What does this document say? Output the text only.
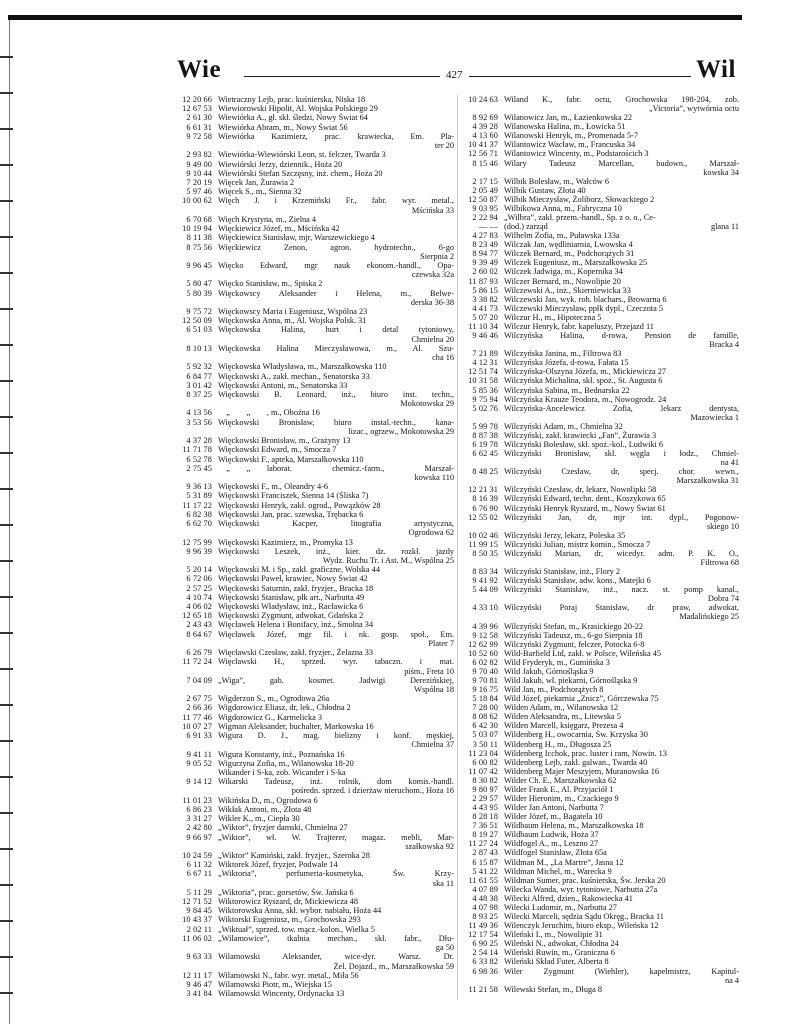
Wie	427	Wil
12 20 66 Wietraczny Lejb, prac. kuśnierska, Niska 18
12 67 53 Wiewiorowski Hipolit, Al. Wojska Polskiego 29
2 61 30 Wiewiórka A., gł. skł. śledzi, Nowy Świat 64
6 61 31 Wiewiórka Abram, m., Nowy Świat 56
9 72 58 Wiewiórka Kazimierz, prac. krawiecka, Em. Pla-
ter 20
2 93 82 Wiewiórka-Wiewiórski Leon, st. felczer, Twarda 3
9 49 00 Wiewiórski Jerzy, dziennik., Hoża 20
9 10 44 Wiewiórski Stefan Szczęsny, inż. chem., Hoża 20
7 20 19 Więcek Jan, Żurawia 2
5 97 46 Więcek S., m., Sienna 32
10 00 62 Więch J. i Krzemiński Fr., fabr. wyr. metal.,
Mścińska 33
6 70 68 Więch Krystyna, m., Zielna 4
10 19 94 Więckiewicz Józef, m., Mścińska 42
8 11 38 Więckiewicz Stanisław, mjr, Warszewickiego 4
8 75 56 Więckiewicz Zenon, agron. hydrotechn., 6-go
Sierpnia 2
9 96 45 Więcko Edward, mgr nauk ekonom.-handl., Opa-
czewska 32a
5 80 47 Więcko Stanisław, m., Spiska 2
5 80 39 Więckowscy Aleksander i Helena, m., Belwe-
derska 36-38
9 75 72 Więckowscy Maria i Eugeniusz, Wspólna 23
12 50 09 Więckowska Anna, m., Al. Wojska Polsk. 31
6 51 03 Więckowska Halina, hurt i detal tytoniowy,
Chmielna 20
8 10 13 Więckowska Halina Mieczysławowa, m., Al. Szu-
cha 16
5 92 32 Więckowska Władysława, m., Marszałkowska 110
6 84 77 Więckowski A., zakł. mechan., Senatorska 33
3 01 42 Więckowski Antoni, m., Senatorska 33
8 37 25 Więckowski B. Leonard, inż., biuro inst. techn.,
Mokotowska 29
4 13 56  „  „  , m., Oboźna 16
3 53 56 Więckowski Bronisław, biuro instal.-techn., kana-
lizac., ogrzew., Mokotowska 29
4 37 28 Więckowski Bronisław, m., Grażyny 13
11 71 78 Więckowski Edward, m., Smocza 7
6 52 78 Więckowski F., apteka, Marszałkowska 110
2 75 45  „  „  laborat. chemicz.-farm., Marszał-
kowska 110
9 36 13 Więckowski F., m., Oleandry 4-6
5 31 89 Więckowski Franciszek, Sienna 14 (Śliska 7)
11 17 22 Więckowski Henryk, zakł. ogrod., Powązków 28
6 82 38 Więckowski Jan, prac. szewska, Trębacka 6
6 62 70 Więckowski Kacper, litografia artystyczna,
Ogrodowa 62
12 75 99 Więckowski Kazimierz, m., Promyka 13
9 96 39 Więckowski Leszek, inż., kier. dz. rozkł. jazdy
Wydz. Ruchu Tr. i Ast. M., Wspólna 25
5 20 14 Więckowski M. i Sp., zakł. graficzne, Wolska 44
6 72 06 Więckowski Paweł, krawiec, Nowy Świat 42
2 57 25 Więckowski Saturnin, zakł. fryzjer., Bracka 18
4 10 74 Więckowski Stanisław, płk art., Narbutta 49
4 06 02 Więckowski Władysław, inż., Racławicka 6
12 65 18 Więckowski Zygmunt, adwokat, Gdańska 2
2 43 43 Więcławek Helena i Bonifacy, inż., Smolna 34
8 64 67 Więcławek Józef, mgr fil. i nk. gosp. społ., Em.
Plater 7
6 26 79 Więcławski Czesław, zakł. fryzjer., Żelazna 33
11 72 24 Więcławski H., sprzed. wyr. tabaczn. i mat.
piśm., Freta 10
7 04 09 „Wiga”, gab. kosmet. Jadwigi Derezińskiej,
Wspólna 18
2 67 75 Wigderzon S., m., Ogrodowa 26a
2 66 36 Wigdorowicz Eliasz, dr, lek., Chłodna 2
11 77 46 Wigdorowicz G., Karmelicka 3
10 07 27 Wigman Aleksander, buchalter, Markowska 16
6 91 33 Wigura D. J., mag. bielizny i konf. męskiej,
Chmielna 37
9 41 11 Wigura Konstanty, inż., Poznańska 16
9 05 52 Wigurzyna Zofia, m., Wilanowska 18-20
Wikander i S-ka, zob. Wicander i S-ka
9 14 12 Wikarski Tadeusz, inż. rolnik, dom komis.-handl.
pośredn. sprzed. i dzierżaw nieruchom., Hoża 16
11 01 23 Wikińska D., m., Ogrodowa 6
6 86 23 Wikłak Antoni, m., Złota 48
3 31 27 Wikler K., m., Ciepła 30
2 42 80 „Wiktor”, fryzjer damski, Chmielna 27
9 66 97 „Wiktor”, wł. W. Trajterer, magaz. mebli, Mar-
szałkowska 92
10 24 59 „Wiktor” Kamiński, zakł. fryzjer., Szeroka 28
6 11 32 Wiktorek Józef, fryzjer, Podwale 14
6 67 11 „Wiktoria”, perfumeria-kosmetyka, Św. Krzy-
ska 11
5 11 29 „Wiktoria”, prac. gorsetów, Św. Jańska 6
12 71 52 Wiktorowicz Ryszard, dr, Mickiewicza 48
9 84 45 Wiktorowska Anna, skł. wybor. nabiału, Hoża 44
10 43 37 Wiktorski Eugeniusz, m., Grochowska 293
2 02 11 „Wiktuał”, sprzed. tow. mącz.-kolon., Wielka 5
11 06 02 „Wilamowice”, tkalnia mechan., skł. fabr., Dłu-
ga 50
9 63 33 Wilamowski Aleksander, wice-dyr. Warsz. Dr.
Żel. Dojazd., m., Marszałkowska 59
12 11 17 Wilamowski N., fabr. wyr. metal., Miła 56
9 46 47 Wilamowski Piotr, m., Wiejska 15
3 41 84 Wilamowski Wincenty, Ordynacka 13
10 24 63 Wiland K., fabr. octu, Grochowska 198-204, zob.
„Victoria”, wytwórnia octu
8 92 69 Wilanowicz Jan, m., Łazienkowska 22
4 39 28 Wilanowska Halina, m., Łowicka 51
4 13 60 Wilanowski Henryk, m., Promenada 5-7
10 41 37 Wilantowicz Wacław, m., Francuska 34
12 56 71 Wilantowicz Wincenty, m., Podstarościch 3
8 15 46 Wilary Tadeusz Marcellan, budown., Marszał-
kowska 34
2 17 15 Wilbik Bolesław, m., Wałców 6
2 05 49 Wilbik Gustaw, Złota 40
12 50 87 Wilbik Mieczysław, Żoliborz, Słowackiego 2
9 03 95 Wilbikowa Anna, m., Fabryczna 10
2 22 94 „Wilbra”, zakł. przem.-handl., Sp. z o. o., Ce-
— — (dod.) zarząd	glana 11
4 27 83 Wilhelm Zofia, m., Puławska 133a
8 23 49 Wilczak Jan, wędliniarnia, Lwowska 4
8 94 77 Wilczek Bernard, m., Podchorążych 31
9 39 49 Wilczek Eugeniusz, m., Marszałkowska 25
2 60 02 Wilczek Jadwiga, m., Kopernika 34
11 87 93 Wilczer Bernard, m., Nowolipie 20
5 86 15 Wilczewski A., inż., Skierniewicka 33
3 38 82 Wilczewski Jan, wyk. rob. blachars., Browarna 6
4 41 73 Wilczewski Mieczysław, ppłk dypl., Czeczota 5
5 07 20 Wilczur H., m., Hipoteczna 5
11 10 34 Wilczur Henryk, fabr. kapeluszy, Przejazd 11
9 46 46 Wilczyńska Halina, d-rowa, Pension de famille,
Bracka 4
7 21 89 Wilczyńska Janina, m., Filtrowa 83
4 12 31 Wilczyńska Józefa, d-rowa, Fałata 15
12 51 74 Wilczyńska-Olszyna Józefa, m., Mickiewicza 27
10 31 58 Wilczyńska Michalina, skł. spoż., St. Augusta 6
5 85 36 Wilczyńska Sabina, m., Bednarska 22
9 75 94 Wilczyńska Krauze Teodora, m., Nowogrodz. 24
5 02 76 Wilczyńska-Ancelewicz Zofia, lekarz dentysta,
Mazowiecka 1
5 99 78 Wilczyński Adam, m., Chmielna 32
8 87 38 Wilczyński, zakł. krawiecki „Fan”, Żurawia 3
6 19 78 Wilczyński Bolesław, skł. spoż.-kol., Ludwiki 6
6 62 45 Wilczyński Bronisław, skł. węgla i łodz., Chmiel-
na 41
8 48 25 Wilczyński Czesław, dr, specj. chor. wewn.,
Marszałkowska 31
12 21 31 Wilczyński Czesław, dr, lekarz, Nowolipki 58
8 16 39 Wilczyński Edward, techn. dent., Koszykowa 65
6 76 90 Wilczyński Henryk Ryszard, m., Nowy Świat 61
12 55 02 Wilczyński Jan, dr, mjr int. dypl., Pogonow-
skiego 10
10 02 46 Wilczyński Jerzy, lekarz, Poleska 35
11 99 15 Wilczyński Julian, mistrz komin., Smocza 7
8 50 35 Wilczyński Marian, dr, wicedyr. adm. P. K. O.,
Filtrowa 68
8 83 34 Wilczyński Stanisław, inż., Flory 2
9 41 92 Wilczyński Stanisław, adw. kons., Matejki 6
5 44 09 Wilczyński Stanisław, inż., nacz. st. pomp kanal.,
Dobra 74
4 33 10 Wilczyński Poraj Stanisław, dr praw, adwokat,
Madalińskiego 25
4 39 96 Wilczyński Stefan, m., Krasickiego 20-22
9 12 58 Wilczyński Tadeusz, m., 6-go Sierpnia 18
12 62 99 Wilczyński Zygmunt, felczer, Potocka 6-8
10 52 60 Wild-Barfield Ltd, zakł. w Polsce, Wileńska 45
6 02 82 Wild Fryderyk, m., Gumińska 3
9 70 40 Wild Jakub, Górnośląska 9
9 70 81 Wild Jakub, wł. piekarni, Górnośląska 9
9 16 75 Wild Jan, m., Podchorążych 8
5 18 84 Wild Józef, piekarnia „Znicz”, Górczewska 75
7 28 00 Wilden Adam, m., Wilanowska 12
8 08 62 Wilden Aleksandra, m., Litewska 5
6 42 30 Wilden Marcell, księgarz, Prezesa 4
5 03 07 Wildenberg H., owocarnia, Św. Krzyska 30
3 50 11 Wildenberg H., m., Długosza 25
11 23 04 Wildenberg Icchok, prac. luster i ram, Nowin. 13
6 00 82 Wildenberg Lejb, zakł. galwan., Twarda 40
11 07 42 Wildenberg Majer Meszyjem, Muranowska 16
8 30 82 Wilder Ch. E., Marszałkowska 62
9 80 97 Wilder Frank E., Al. Przyjaciół 1
2 29 57 Wilder Hieronim, m., Czackiego 9
4 43 95 Wilder Jan Antoni, Narbutta 7
8 28 18 Wilder Józef, m., Bagatela 10
7 36 51 Wildbaum Helena, m., Marszałkowska 18
8 19 27 Wildbaum Ludwik, Hoża 37
11 27 24 Wildfogel A., m., Leszno 27
2 87 43 Wildfogel Stanisław, Złota 65a
6 15 87 Wildman M., „La Martre”, Jasna 12
5 41 22 Wildman Michel, m., Warecka 9
11 61 55 Wildman Sumer, prac. kuśnierska, Św. Jerska 20
4 07 89 Wilecka Wanda, wyr. tytoniowe, Narbutta 27a
4 48 38 Wilecki Alfred, dzien., Rakowiecka 41
4 07 98 Wilecki Ludomir, m., Narbutta 27
8 93 25 Wilecki Marceli, sędzia Sądu Okręg., Bracka 11
11 49 36 Wilenczyk Jeruchim, biuro eksp., Wileńska 12
12 17 54 Wileński I., m., Nowolipie 31
6 90 25 Wileński N., adwokat, Chłodna 24
2 54 14 Wileński Ruwin, m., Graniczna 6
6 33 82 Wileński Skład Futer, Alberta 8
6 98 36 Wiler Zygmunt (Wiehler), kapelmistrz, Kapitul-
na 4
11 21 58 Wilewski Stefan, m., Długa 8
